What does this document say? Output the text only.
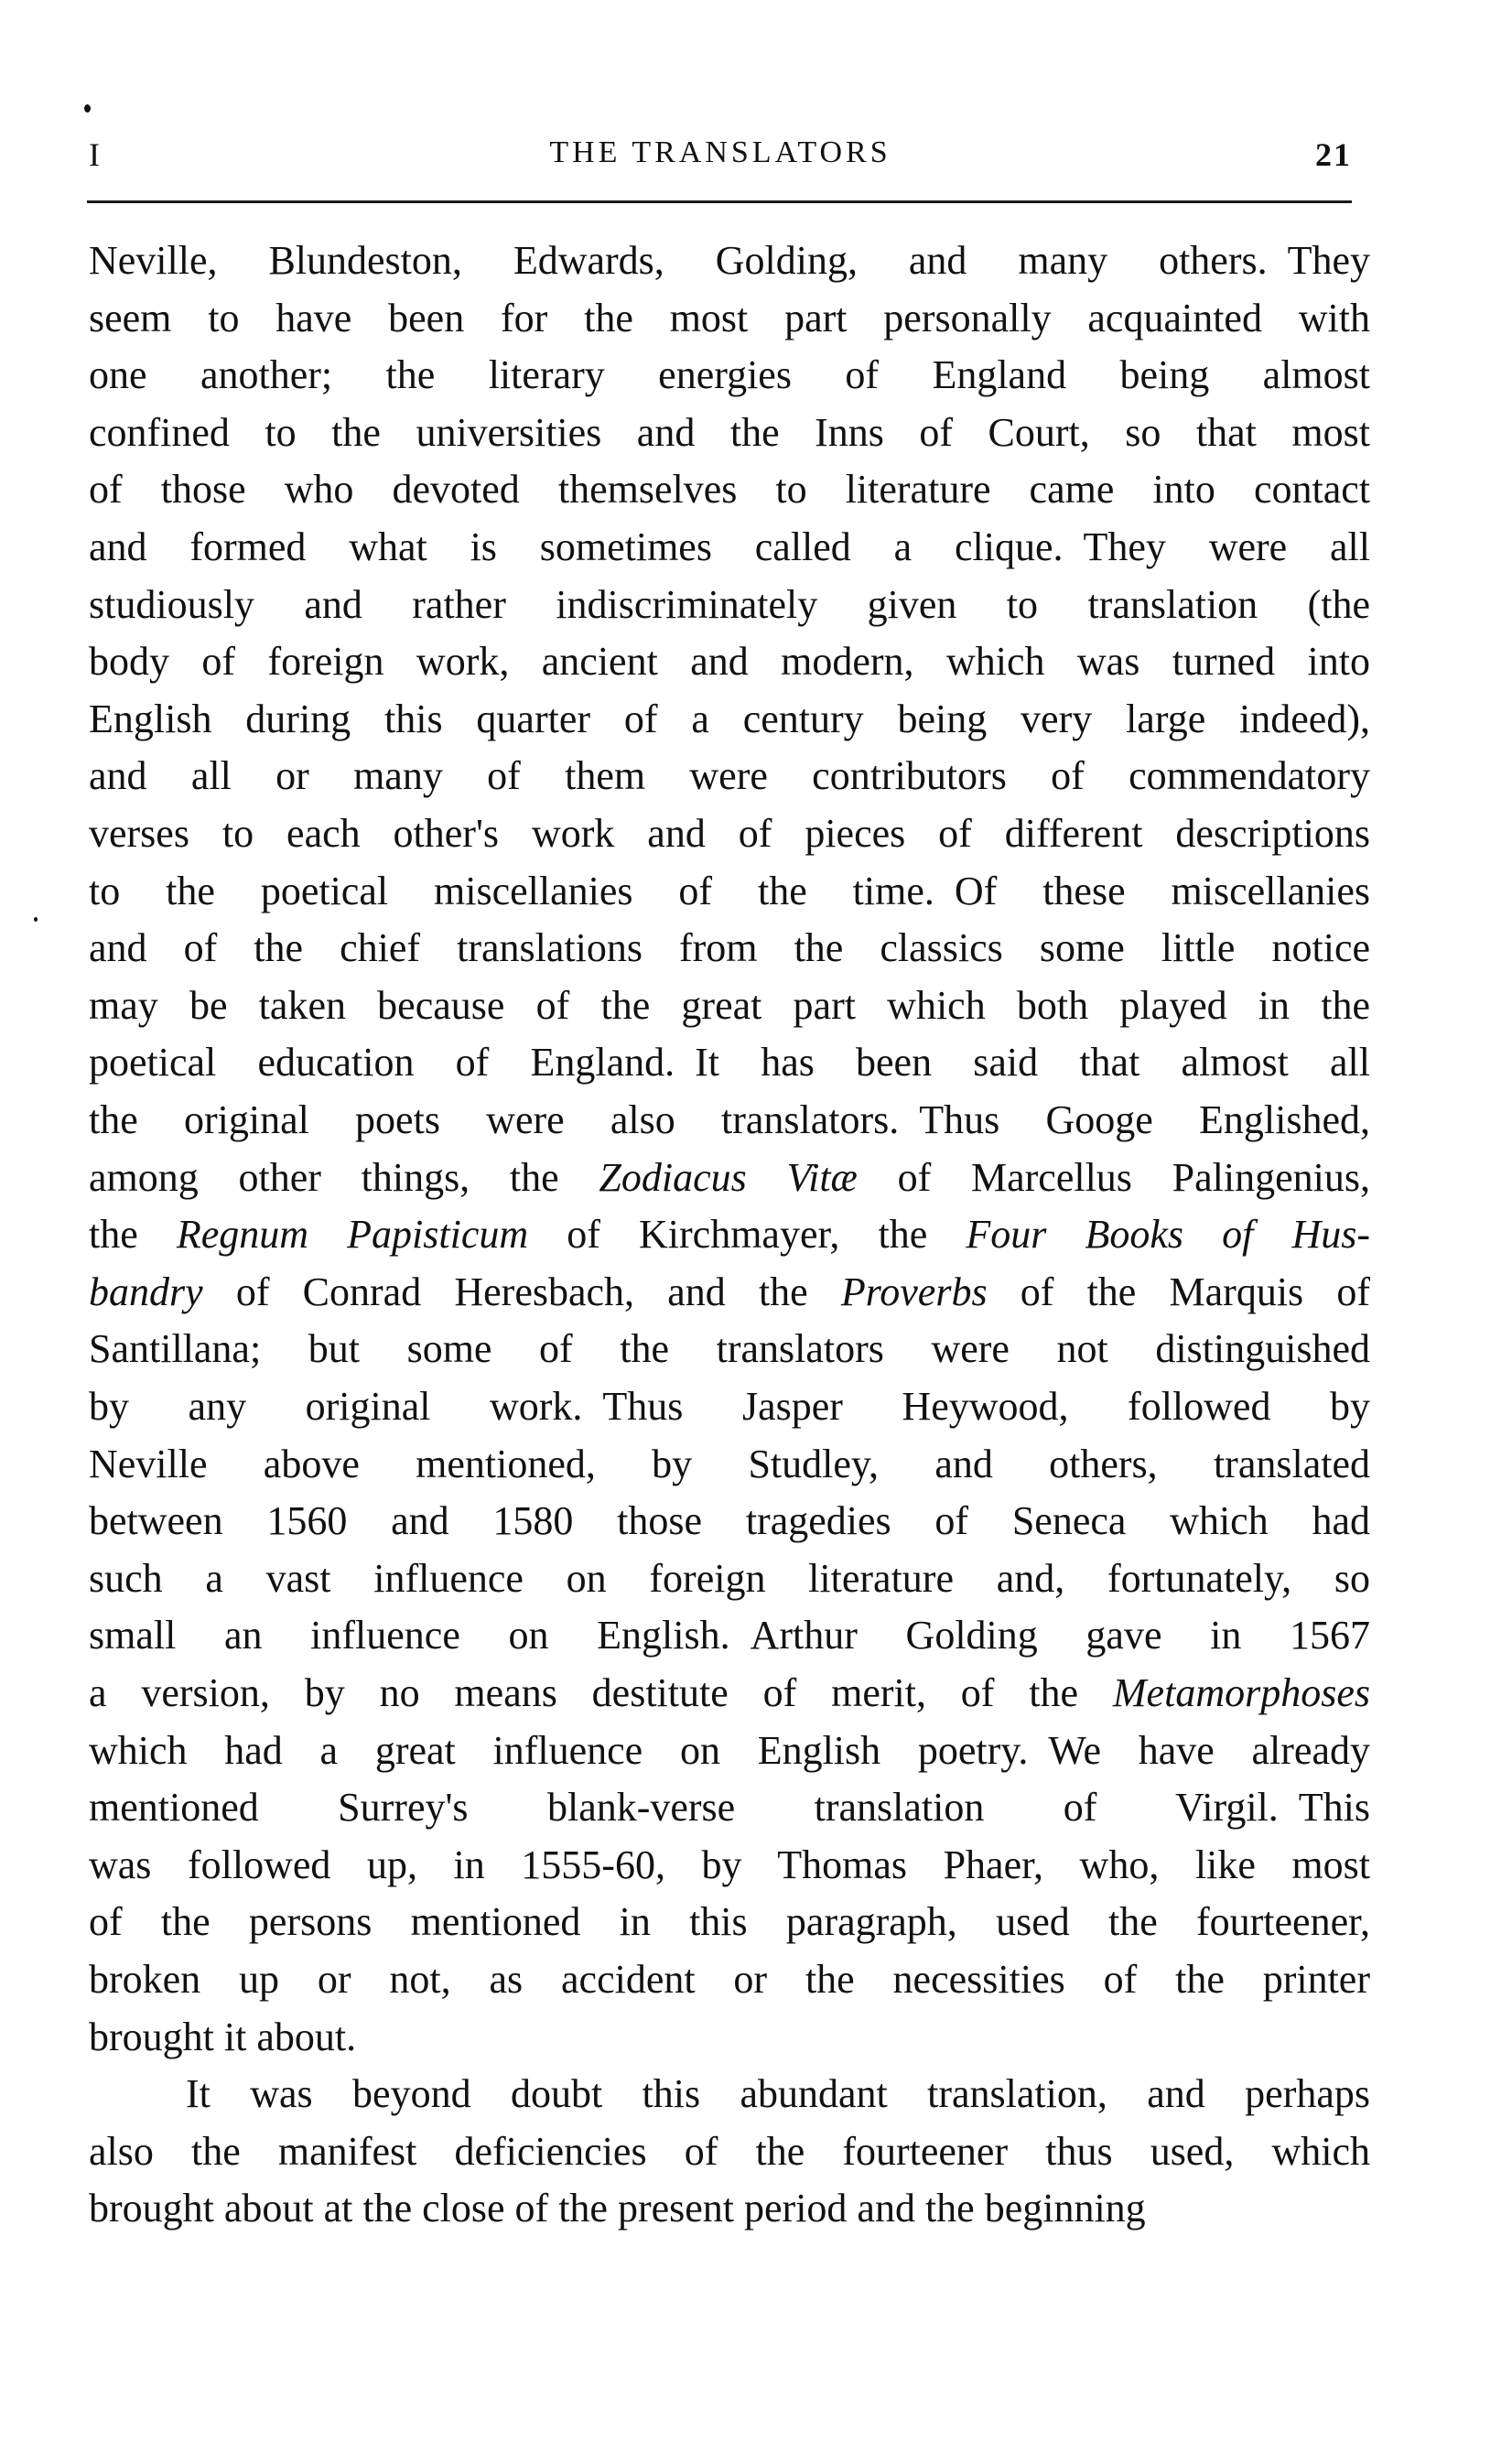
I	THE TRANSLATORS	21
Neville, Blundeston, Edwards, Golding, and many others. They
seem to have been for the most part personally acquainted with
one another; the literary energies of England being almost
confined to the universities and the Inns of Court, so that most
of those who devoted themselves to literature came into contact
and formed what is sometimes called a clique. They were all
studiously and rather indiscriminately given to translation (the
body of foreign work, ancient and modern, which was turned into
English during this quarter of a century being very large indeed),
and all or many of them were contributors of commendatory
verses to each other's work and of pieces of different descriptions
to the poetical miscellanies of the time. Of these miscellanies
and of the chief translations from the classics some little notice
may be taken because of the great part which both played in the
poetical education of England. It has been said that almost all
the original poets were also translators. Thus Googe Englished,
among other things, the Zodiacus Vitæ of Marcellus Palingenius,
the Regnum Papisticum of Kirchmayer, the Four Books of Hus-
bandry of Conrad Heresbach, and the Proverbs of the Marquis of
Santillana; but some of the translators were not distinguished
by any original work. Thus Jasper Heywood, followed by
Neville above mentioned, by Studley, and others, translated
between 1560 and 1580 those tragedies of Seneca which had
such a vast influence on foreign literature and, fortunately, so
small an influence on English. Arthur Golding gave in 1567
a version, by no means destitute of merit, of the Metamorphoses
which had a great influence on English poetry. We have already
mentioned Surrey's blank-verse translation of Virgil. This
was followed up, in 1555-60, by Thomas Phaer, who, like most
of the persons mentioned in this paragraph, used the fourteener,
broken up or not, as accident or the necessities of the printer
brought it about.
It was beyond doubt this abundant translation, and perhaps
also the manifest deficiencies of the fourteener thus used, which
brought about at the close of the present period and the beginning
